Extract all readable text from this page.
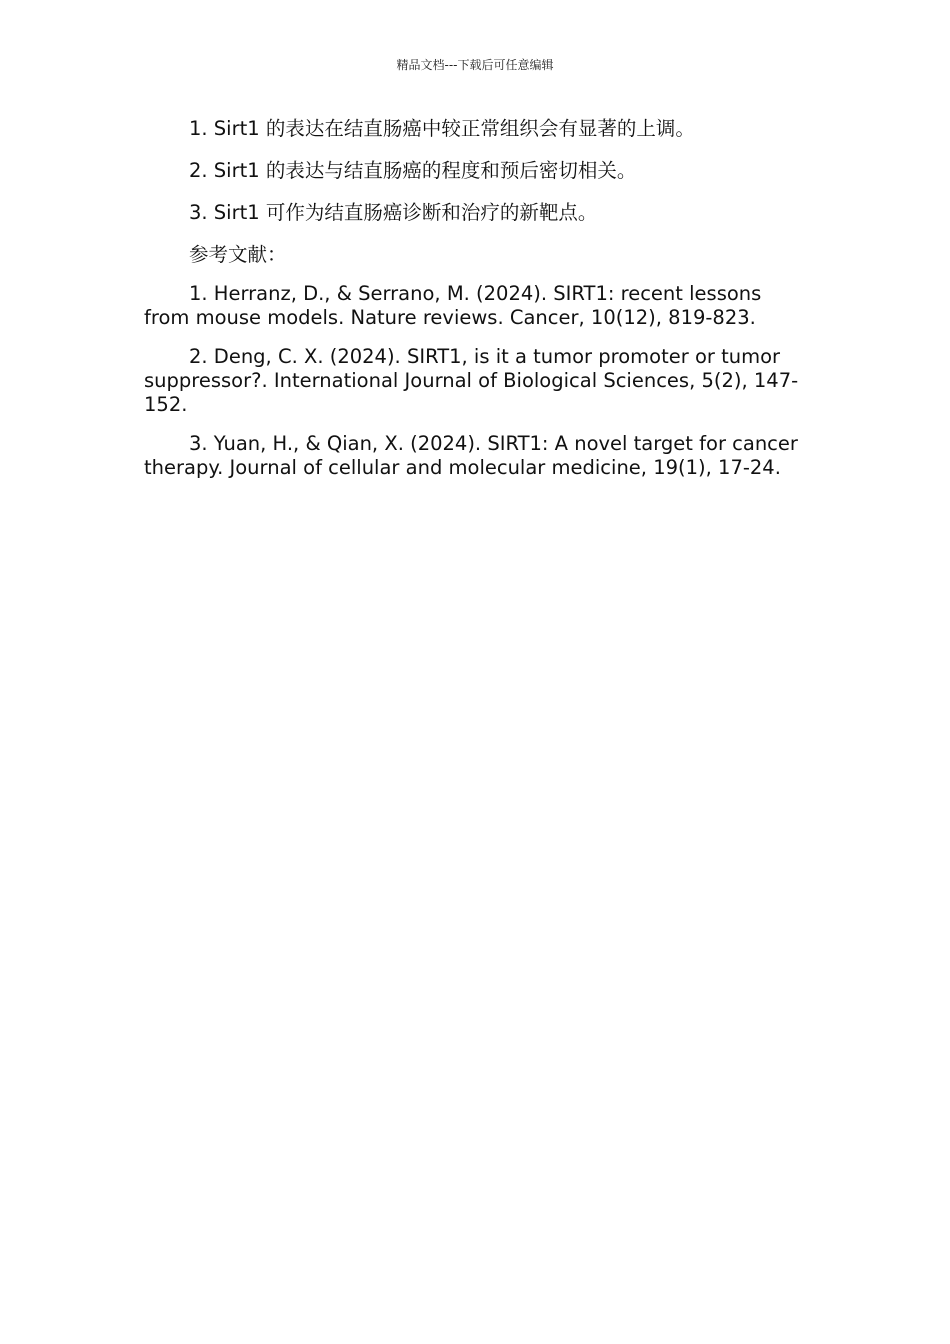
精品文档---下载后可任意编辑

1. Sirt1 的表达在结直肠癌中较正常组织会有显著的上调。

2. Sirt1 的表达与结直肠癌的程度和预后密切相关。

3. Sirt1 可作为结直肠癌诊断和治疗的新靶点。

参考文献：

1. Herranz, D., & Serrano, M. (2024). SIRT1: recent lessons from mouse models. Nature reviews. Cancer, 10(12), 819-823.

2. Deng, C. X. (2024). SIRT1, is it a tumor promoter or tumor suppressor?. International Journal of Biological Sciences, 5(2), 147-152.

3. Yuan, H., & Qian, X. (2024). SIRT1: A novel target for cancer therapy. Journal of cellular and molecular medicine, 19(1), 17-24.
